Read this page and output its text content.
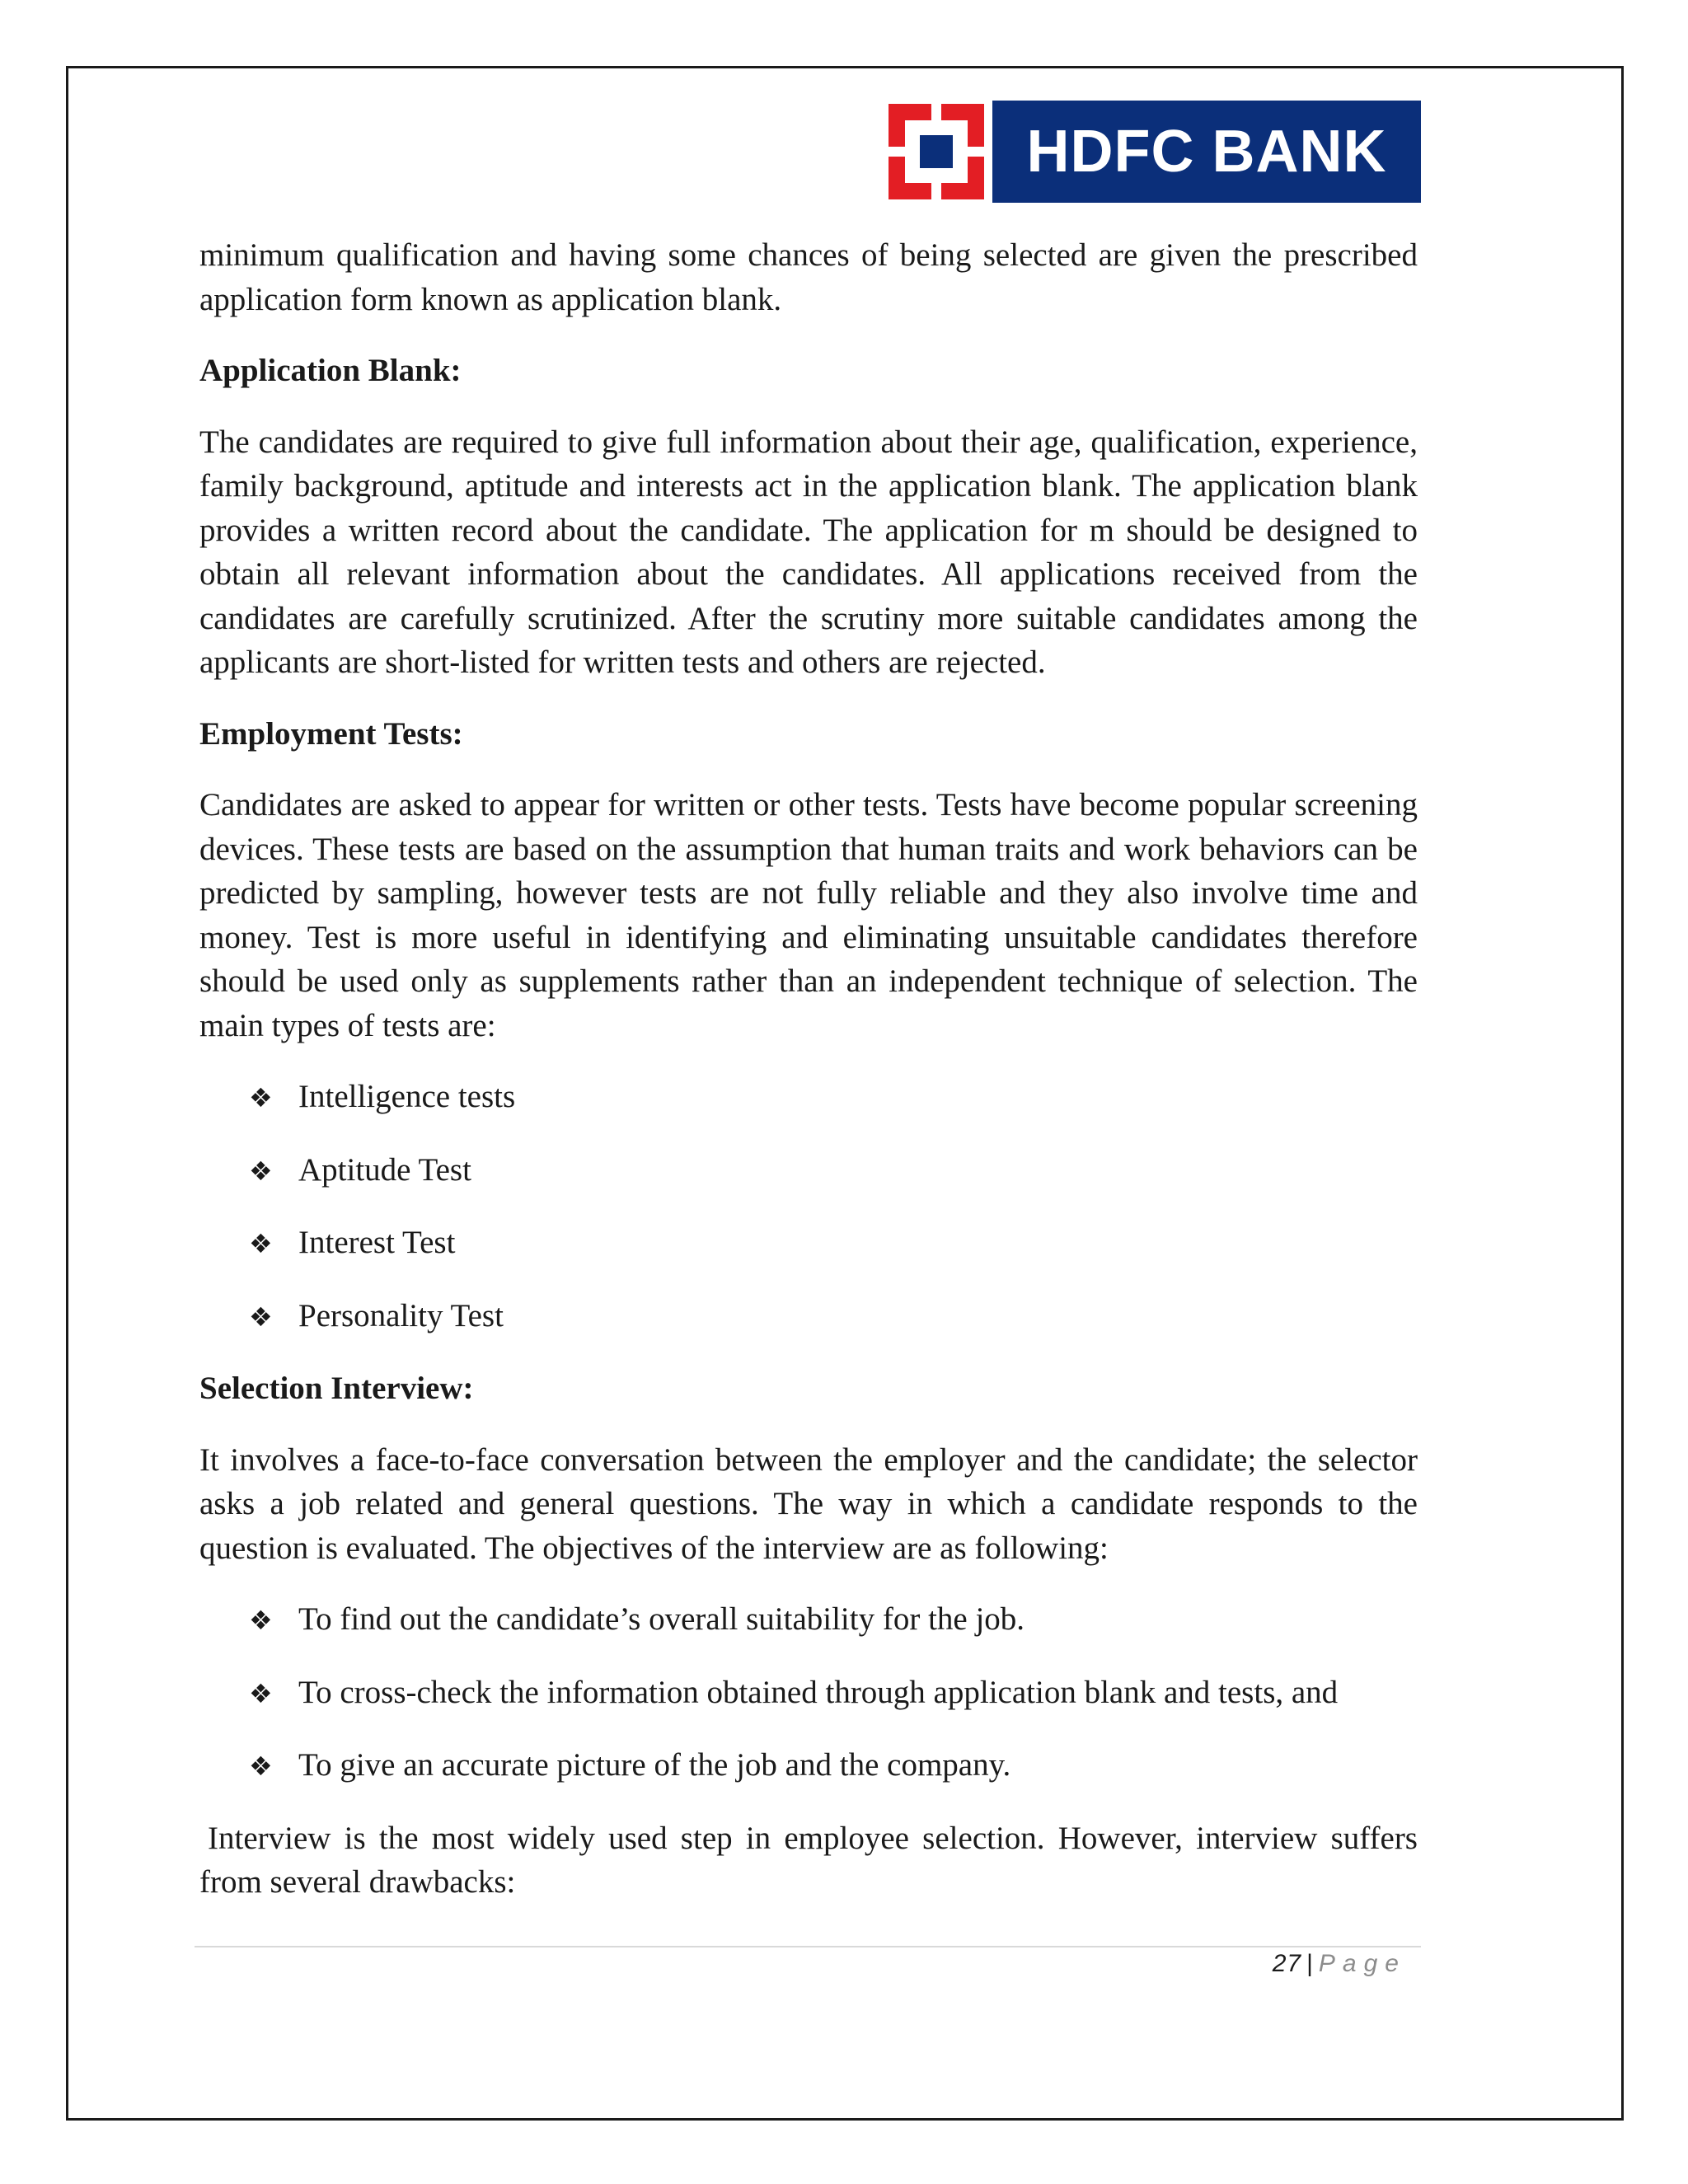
HDFC BANK

minimum qualification and having some chances of being selected are given the prescribed application form known as application blank.

Application Blank:

The candidates are required to give full information about their age, qualification, experience, family background, aptitude and interests act in the application blank. The application blank provides a written record about the candidate. The application for m should be designed to obtain all relevant information about the candidates. All applications received from the candidates are carefully scrutinized. After the scrutiny more suitable candidates among the applicants are short-listed for written tests and others are rejected.

Employment Tests:

Candidates are asked to appear for written or other tests. Tests have become popular screening devices. These tests are based on the assumption that human traits and work behaviors can be predicted by sampling, however tests are not fully reliable and they also involve time and money. Test is more useful in identifying and eliminating unsuitable candidates therefore should be used only as supplements rather than an independent technique of selection. The main types of tests are:

❖ Intelligence tests
❖ Aptitude Test
❖ Interest Test
❖ Personality Test

Selection Interview:

It involves a face-to-face conversation between the employer and the candidate; the selector asks a job related and general questions. The way in which a candidate responds to the question is evaluated. The objectives of the interview are as following:

❖ To find out the candidate’s overall suitability for the job.
❖ To cross-check the information obtained through application blank and tests, and
❖ To give an accurate picture of the job and the company.

Interview is the most widely used step in employee selection. However, interview suffers from several drawbacks:

27 | Page
